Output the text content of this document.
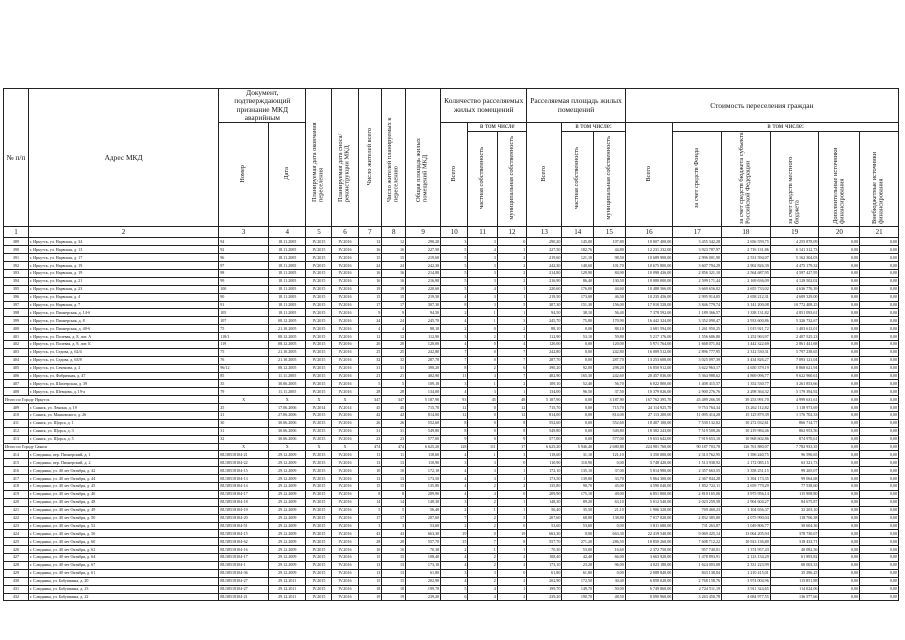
№ п/п	Адрес МКД	Документ, подтверждающий признание МКД аварийным		Планируемая дата окончания переселения	Планируемая дата сноса/реконструкции МКД	Число жителей всего	Число жителей планируемых к переселению	Общая площадь жилых помещений МКД	Количество расселяемых жилых помещений			Расселяемая площадь жилых помещений			Стоимость переселения граждан					
		Номер	Дата						Всего	в том числе		Всего	в том числе:		Всего	в том числе:				
										частная собственность	муниципальная собственность		частная собственность	муниципальная собственность		за счет средств Фонда	за счет средств бюджета субъекта Российской Федерации	за счет средств местного бюджета	Дополнительные источники финансирования	Внебюджетные источники финансирования
1	2	3	4	5	6	7	8	9	10	11	12	13	14	15	16	17	18	19	20	21
389	г. Иркутск, ул. Нарвская, д. 34	94	18.11.2005	IV.2015	IV.2016	12	12	290,20	3	3	0	290,20	145,00	107,80	10 007 400,00	3 455 342,28	2 656 559,75	4 255 878,09	0,00	0,00
390	г. Иркутск, ул. Нарвская, д. 13	92	18.11.2005	IV.2015	IV.2016	16	16	227,50	5	4	1	227,50	182,76	44,80	12 231 232,00	3 923 787,97	2 716 131,86	6 141 312,73	0,00	0,00
391	г. Иркутск, ул. Нарвская, д. 17	96	18.11.2005	IV.2015	IV.2016	15	15	219,60	5	3	2	219,60	121,10	98,50	10 689 900,00	2 996 001,90	2 531 594,07	5 162 304,03	0,00	0,00
392	г. Иркутск, ул. Нарвская, д. 19	97	18.11.2005	IV.2015	IV.2016	24	24	242,30	5	3	2	242,30	140,60	101,70	10 675 800,00	3 607 794,29	2 902 826,39	4 475 179,32	0,00	0,00
393	г. Иркутск, ул. Нарвская, д. 19	98	18.11.2005	IV.2015	IV.2016	16	16	214,80	5	3	2	214,80	129,90	84,90	10 098 436,00	2 856 321,10	2 564 687,95	4 597 427,95	0,00	0,00
394	г. Иркутск, ул. Нарвская, д. 21	99	18.11.2005	IV.2015	IV.2016	16	16	216,90	5	3	2	216,90	86,40	130,50	10 080 000,00	2 599 171,44	2 169 636,09	4 129 502,02	0,00	0,00
395	г. Иркутск, ул. Нарвская, д. 23	100	18.11.2005	IV.2015	IV.2016	19	19	220,60	5	4	1	220,60	176,00	44,60	10 488 566,00	3 669 656,02	2 655 733,02	4 636 776,39	0,00	0,00
396	г. Иркутск, ул. Нарвская, д. 4	90	18.11.2005	IV.2015	IV.2016	15	15	219,50	4	3	1	219,50	173,00	46,50	10 235 456,00	2 995 914,05	2 658 212,31	4 609 329,00	0,00	0,00
397	г. Иркутск, ул. Нарвская, д. 7	91	18.11.2005	IV.2015	IV.2016	17	17	307,30	8	3	5	307,30	151,30	156,00	17 010 528,00	3 846 779,74	3 141 200,08	10 772 408,25	0,00	0,00
398	г. Иркутск, ул. Пионерская, д. 14-б	105	18.11.2005	IV.2015	IV.2016	9	9	94,50	2	1	1	94,50	38,10	56,40	7 378 592,00	1 189 366,57	1 338 131,82	4 851 093,61	0,00	0,00
399	г. Иркутск, ул. Пионерская, д. 8	107	08.12.2005	IV.2015	IV.2016	24	24	245,70	4	1	3	245,70	75,80	170,90	16 442 324,00	3 352 090,47	2 933 600,86	5 326 732,67	0,00	0,00
400	г. Иркутск, ул. Пионерская, д. 40-б	75	21.10.2005	IV.2015	IV.2016	4	4	88,10	2	0	2	88,10	0,00	88,10	3 681 594,00	1 261 950,25	1 015 921,72	1 403 612,01	0,00	0,00
401	г. Иркутск, ул. Полевая, д. 8, лит. А	118/1	08.12.2005	IV.2015	IV.2016	12	12	112,90	3	2	1	112,90	53,10	59,80	5 217 176,00	1 556 686,80	1 252 963,97	2 407 525,23	0,00	0,00
402	г. Иркутск, ул. Полевая, д. 8, лит. Б	119	08.12.2005	IV.2015	IV.2016	20	20	120,00	4	0	4	120,00	0,00	120,00	5 971 764,00	1 668 071,04	1 442 322,69	2 861 441,68	0,00	0,00
403	г. Иркутск, ул. Седова, д. 62/4	75	21.10.2005	IV.2015	IV.2016	25	25	242,80	7	0	7	242,80	0,00	242,80	16 009 512,00	2 896 777,95	2 312 530,31	5 797 238,65	0,00	0,00
404	г. Иркутск, ул. Седова, д. 63/8	76	21.10.2005	IV.2015	IV.2016	32	32	287,70	7	0	7	287,70	0,00	287,70	13 253 608,00	3 025 097,39	3 434 826,27	7 093 121,04	0,00	0,00
405	г. Иркутск, ул. Сеченова, д. 2	96/12	08.12.2005	IV.2015	IV.2016	31	31	390,20	8	2	6	390,20	92,00	298,20	16 850 912,00	3 622 963,17	4 650 379,19	8 868 621,94	0,00	0,00
406	г. Иркутск, ул. Фабричная, д. 47	85	11.11.2005	IV.2015	IV.2016	21	21	402,90	11	4	7	402,90	165,30	242,60	20 457 036,00	5 364 988,62	4 869 096,77	9 622 960,61	0,00	0,00
407	г. Иркутск, ул. Шахтерская, д. 39	35	30.06.2005	IV.2015	IV.2016	5	5	109,10	3	1	2	109,10	52,40	56,70	6 022 800,00	1 408 415,57	1 352 530,77	3 261 853,66	0,00	0,00
408	г. Иркутск, ул. Шевцова, д. 19-а	79	11.11.2005	IV.2015	IV.2016	28	28	134,00	4	3	1	134,00	96,50	37,50	10 379 026,00	2 900 276,76	2 298 364,32	5 179 394,92	0,00	0,00
Итого по Городу Иркутск		X	X	X	X	347	347	5 187,90	93	45	48	5 187,90	0,00	3 187,90	167 762 395,70	43 489 266,50	39 253 991,70	4 999 631,61	0,00	0,00
409	г. Саянск, ул. Ленина, д. 19	25	17.06.2006	IV.2014	IV.2014	45	45	715,70	12	0	12	715,70	0,00	715,70	24 114 925,70	9 753 764,34	13 262 112,82	1 118 973,69	0,00	0,00
410	г. Саянск, ул. Маяковского, д. 26	21	27.06.2006	IV.2015	IV.2016	42	42	814,00	12	0	12	814,00	0,00	814,00	27 113 200,00	11 095 414,28	15 125 879,39	1 176 702,33	0,00	0,00
411	г. Саянск, ул. Щорса, д. 1	30	30.06.2006	IV.2015	IV.2016	26	26	552,60	8	0	8	552,60	0,00	552,60	18 407 100,00	7 530 132,02	10 272 032,61	866 714,77	0,00	0,00
412	г. Саянск, ул. Щорса, д. 3	31	30.06.2006	IV.2015	IV.2016	31	31	549,80	8	0	8	549,80	0,00	549,80	18 382 243,00	7 519 500,26	10 219 984,46	862 953,56	0,00	0,00
413	г. Саянск, ул. Щорса, д. 5	32	30.06.2006	IV.2015	IV.2016	23	23	577,00	9	0	9	577,00	0,00	577,00	19 653 642,00	7 919 653,10	10 968 602,86	874 970,61	0,00	0,00
Итого по Городу Саянск		X	X	X	X	474	474	6 625,20	128	111	17	6 625,20	5 946,40	2 680,80	224 981 760,00	90 187 703,78	126 761 880,07	7 782 933,35	0,00	0,00
414	г. Слюдянка, пер. Пионерский, д. 1	RU38518104-21	29.12.2009	IV.2015	IV.2016	11	11	118,60	4	1	3	118,60	31,10	121,10	3 350 000,00	2 313 762,95	1 396 240,75	96 596,65	0,00	0,00
415	г. Слюдянка, пер. Пионерский, д. 2	RU38518104-22	29.12.2009	IV.2015	IV.2016	13	13	110,90	3	3	0	110,90	110,90	0,00	3 748 420,00	1 513 938,92	2 172 085,15	63 321,73	0,00	0,00
416	г. Слюдянка, ул. 40 лет Октября, д. 42	RU38518104-15	29.12.2009	IV.2015	IV.2016	10	10	172,10	4	3	1	172,10	135,10	37,00	5 814 980,00	2 357 663,55	3 358 251,15	99 265,07	0,00	0,00
417	г. Слюдянка, ул. 40 лет Октября, д. 44	RU38518104-13	29.12.2009	IV.2015	IV.2016	13	13	173,50	4	3	1	173,50	139,80	33,70	5 864 300,00	2 367 844,28	3 394 173,35	99 064,68	0,00	0,00
418	г. Слюдянка, ул. 40 лет Октября, д. 45	RU38518104-14	29.12.2009	IV.2015	IV.2016	15	15	135,80	4	2	2	135,80	90,70	45,00	4 590 040,00	1 852 722,11	2 659 779,29	77 538,60	0,00	0,00
419	г. Слюдянка, ул. 40 лет Октября, д. 46	RU38518104-17	29.12.2009	IV.2015	IV.2016	8	8	209,90	4	4	0	209,90	175,10	49,00	6 851 800,00	2 810 165,06	3 975 956,14	115 908,80	0,00	0,00
420	г. Слюдянка, ул. 40 лет Октября, д. 48	RU38518104-18	29.12.2009	IV.2015	IV.2016	14	14	148,30	3	2	1	148,30	89,20	63,10	5 012 540,00	2 023 259,58	2 904 604,27	84 675,87	0,00	0,00
421	г. Слюдянка, ул. 40 лет Октября, д. 49	RU38518104-19	29.12.2009	IV.2015	IV.2016	5	5	56,40	2	1	1	56,40	35,50	21,10	1 906 320,00	769 460,23	1 104 656,37	32 203,10	0,00	0,00
422	г. Слюдянка, ул. 40 лет Октября, д. 50	RU38518104-20	29.12.2009	IV.2015	IV.2016	17	17	207,60	7	2	5	207,60	68,80	138,80	7 017 020,00	2 832 385,80	4 075 990,04	118 706,38	0,00	0,00
423	г. Слюдянка, ул. 40 лет Октября, д. 52	RU38518104-51	29.12.2009	IV.2015	IV.2016	3	3	53,60	2	2	0	53,60	53,60	0,00	1 811 680,00	731 263,87	1 049 806,77	30 604,36	0,00	0,00
424	г. Слюдянка, ул. 40 лет Октября, д. 56	RU38518104-15	29.12.2009	IV.2015	IV.2016	43	43	663,30	19	0	19	663,30	0,00	663,30	22 419 540,00	9 069 425,14	13 064 205,94	378 730,67	0,00	0,00
425	г. Слюдянка, ул. 40 лет Октября, д. 60	RU38518104-62	29.12.2009	IV.2015	IV.2016	28	28	557,70	15	7	8	557,70	271,20	286,50	18 850 260,00	7 608 712,22	10 923 136,80	318 433,71	0,00	0,00
426	г. Слюдянка, ул. 40 лет Октября, д. 62	RU38518104-16	29.12.2009	IV.2015	IV.2016	10	10	70,30	2	1	1	70,30	53,00	16,60	2 372 750,00	957 740,01	1 374 957,43	40 082,56	0,00	0,00
427	г. Слюдянка, ул. 40 лет Октября, д. 64	RU38518104-17	29.12.2009	IV.2015	IV.2016	15	15	108,40	4	2	2	108,40	42,40	66,00	3 663 920,00	1 478 893,91	2 123 134,29	61 893,82	0,00	0,00
428	г. Слюдянка, ул. 40 лет Октября, д. 67	RU38518104-1	29.12.2009	IV.2015	IV.2016	13	13	173,10	4	2	2	173,10	23,20	96,00	4 023 180,00	1 624 003,08	2 331 223,99	68 003,33	0,00	0,00
429	г. Слюдянка, ул. 40 лет Октября, д. 61	RU38518104-36	29.12.2009	IV.2015	IV.2016	13	13	61,80	3	3	0	61,80	61,80	0,00	2 088 840,00	843 138,84	1 210 415,01	35 286,25	0,00	0,00
430	г. Слюдянка, ул. Бабушкина, д. 20	RU38518104-27	29.12.2011	IV.2015	IV.2016	15	15	202,90	4	2	2	202,90	172,50	30,40	6 858 020,00	2 768 158,76	3 974 004,96	115 851,88	0,00	0,00
431	г. Слюдянка, ул. Бабушкина, д. 23	RU38518104-27	29.12.2011	IV.2015	IV.2016	18	18	199,70	5	4	1	199,70	149,70	50,00	6 749 860,00	2 724 511,19	3 911 324,65	114 024,06	0,00	0,00
432	г. Слюдянка, ул. Бабушкина, д. 22	RU38518104-21	29.12.2011	IV.2015	IV.2016	19	19	239,20	6	4	2	239,20	190,70	48,50	8 090 960,00	3 263 450,78	4 684 977,55	136 577,66	0,00	0,00
